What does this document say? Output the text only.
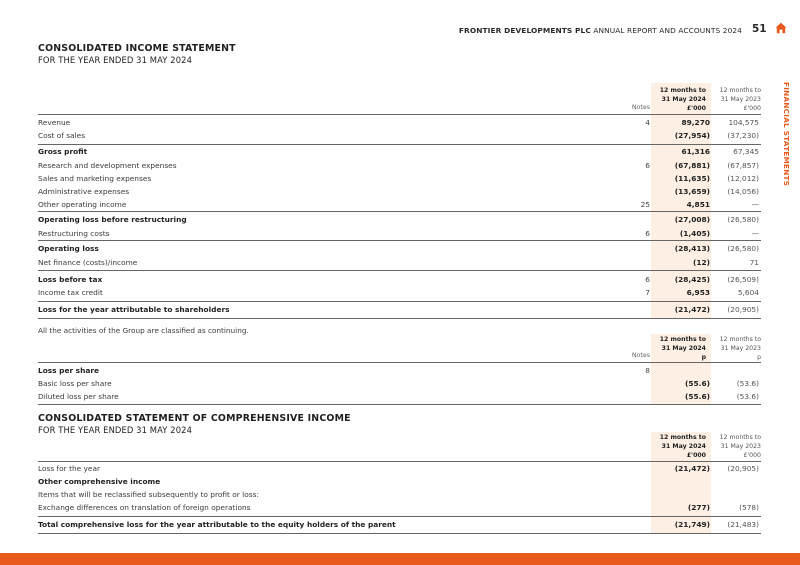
FRONTIER DEVELOPMENTS PLC ANNUAL REPORT AND ACCOUNTS 2024 51
FINANCIAL STATEMENTS
CONSOLIDATED INCOME STATEMENT
FOR THE YEAR ENDED 31 MAY 2024
Notes
12 months to
31 May 2024
£'000
12 months to
31 May 2023
£'000
Revenue	4	89,270 104,575
Cost of sales	(27,954) (37,230)
Gross profit	61,316	67,345
Research and development expenses	6	(67,881) (67,857)
Sales and marketing expenses	(11,635) (12,012)
Administrative expenses	(13,659) (14,056)
Other operating income	25	4,851	—
Operating loss before restructuring	(27,008) (26,580)
Restructuring costs	6	(1,405)	—
Operating loss	(28,413) (26,580)
Net finance (costs)/income	(12)	71
Loss before tax	6	(28,425) (26,509)
Income tax credit	7	6,953	5,604
Loss for the year attributable to shareholders	(21,472) (20,905)
All the activities of the Group are classified as continuing.
Notes
12 months to
31 May 2024
p
12 months to
31 May 2023
p
Loss per share	8
Basic loss per share	(55.6)	(53.6)
Diluted loss per share	(55.6)	(53.6)
CONSOLIDATED STATEMENT OF COMPREHENSIVE INCOME
FOR THE YEAR ENDED 31 MAY 2024
12 months to
31 May 2024
£'000
12 months to
31 May 2023
£'000
Loss for the year	(21,472) (20,905)
Other comprehensive income
Items that will be reclassified subsequently to profit or loss:
Exchange differences on translation of foreign operations	(277)	(578)
Total comprehensive loss for the year attributable to the equity holders of the parent	(21,749) (21,483)
